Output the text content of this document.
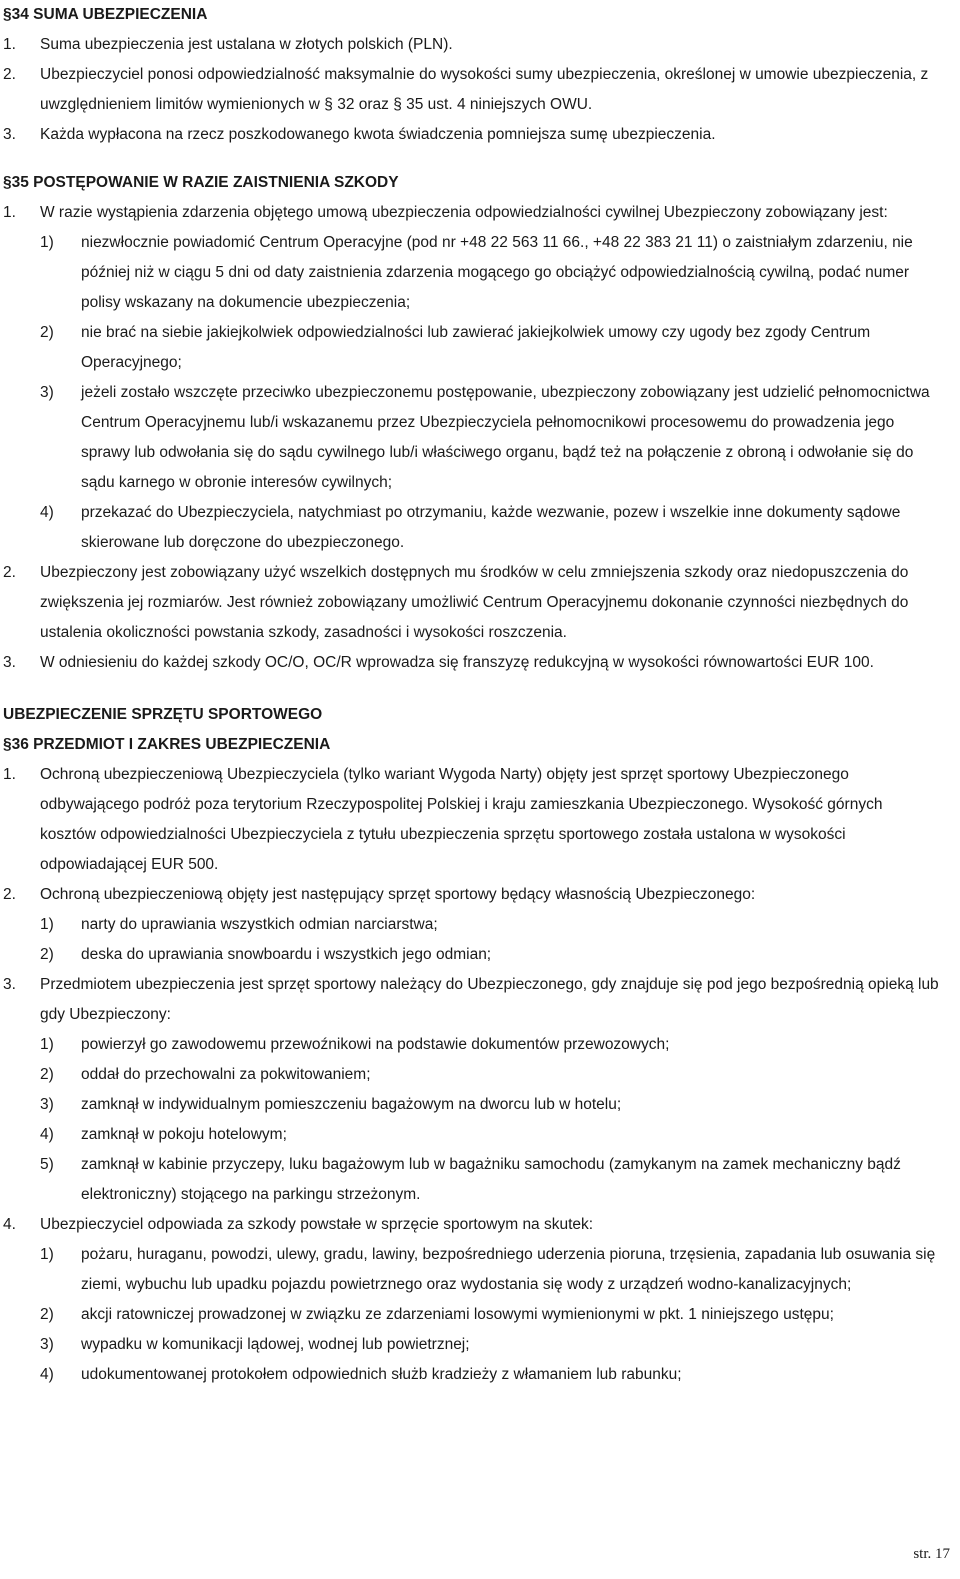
§34 SUMA UBEZPIECZENIA
1.	Suma ubezpieczenia jest ustalana w złotych polskich (PLN).
2.	Ubezpieczyciel ponosi odpowiedzialność maksymalnie do wysokości sumy ubezpieczenia, określonej w umowie ubezpieczenia, z uwzględnieniem limitów wymienionych w § 32 oraz § 35 ust. 4 niniejszych OWU.
3.	Każda wypłacona na rzecz poszkodowanego kwota świadczenia pomniejsza sumę ubezpieczenia.
§35 POSTĘPOWANIE W RAZIE ZAISTNIENIA SZKODY
1.	W razie wystąpienia zdarzenia objętego umową ubezpieczenia odpowiedzialności cywilnej Ubezpieczony zobowiązany jest:
1)	niezwłocznie powiadomić Centrum Operacyjne (pod nr +48 22 563 11 66., +48 22 383 21 11) o zaistniałym zdarzeniu, nie później niż w ciągu 5 dni od daty zaistnienia zdarzenia mogącego go obciążyć odpowiedzialnością cywilną, podać numer polisy wskazany na dokumencie ubezpieczenia;
2)	nie brać na siebie jakiejkolwiek odpowiedzialności lub zawierać jakiejkolwiek umowy czy ugody bez zgody Centrum Operacyjnego;
3)	jeżeli zostało wszczęte przeciwko ubezpieczonemu postępowanie, ubezpieczony zobowiązany jest udzielić pełnomocnictwa Centrum Operacyjnemu lub/i wskazanemu przez Ubezpieczyciela pełnomocnikowi procesowemu do prowadzenia jego sprawy lub odwołania się do sądu cywilnego lub/i właściwego organu, bądź też na połączenie z obroną i odwołanie się do sądu karnego w obronie interesów cywilnych;
4)	przekazać do Ubezpieczyciela, natychmiast po otrzymaniu, każde wezwanie, pozew i wszelkie inne dokumenty sądowe skierowane lub doręczone do ubezpieczonego.
2.	Ubezpieczony jest zobowiązany użyć wszelkich dostępnych mu środków w celu zmniejszenia szkody oraz niedopuszczenia do zwiększenia jej rozmiarów. Jest również zobowiązany umożliwić Centrum Operacyjnemu dokonanie czynności niezbędnych do ustalenia okoliczności powstania szkody, zasadności i wysokości roszczenia.
3.	W odniesieniu do każdej szkody OC/O, OC/R wprowadza się franszyzę redukcyjną w wysokości równowartości EUR 100.
UBEZPIECZENIE SPRZĘTU SPORTOWEGO
§36 PRZEDMIOT I ZAKRES UBEZPIECZENIA
1.	Ochroną ubezpieczeniową Ubezpieczyciela (tylko wariant Wygoda Narty) objęty jest sprzęt sportowy Ubezpieczonego odbywającego podróż poza terytorium Rzeczypospolitej Polskiej i kraju zamieszkania Ubezpieczonego. Wysokość górnych kosztów odpowiedzialności Ubezpieczyciela z tytułu ubezpieczenia sprzętu sportowego została ustalona w wysokości odpowiadającej EUR 500.
2.	Ochroną ubezpieczeniową objęty jest następujący sprzęt sportowy będący własnością Ubezpieczonego:
1)	narty do uprawiania wszystkich odmian narciarstwa;
2)	deska do uprawiania snowboardu i wszystkich jego odmian;
3.	Przedmiotem ubezpieczenia jest sprzęt sportowy należący do Ubezpieczonego, gdy znajduje się pod jego bezpośrednią opieką lub gdy Ubezpieczony:
1)	powierzył go zawodowemu przewoźnikowi na podstawie dokumentów przewozowych;
2)	oddał do przechowalni za pokwitowaniem;
3)	zamknął w indywidualnym pomieszczeniu bagażowym na dworcu lub w hotelu;
4)	zamknął w pokoju hotelowym;
5)	zamknął w kabinie przyczepy, luku bagażowym lub w bagażniku samochodu (zamykanym na zamek mechaniczny bądź elektroniczny) stojącego na parkingu strzeżonym.
4.	Ubezpieczyciel odpowiada za szkody powstałe w sprzęcie sportowym na skutek:
1)	pożaru, huraganu, powodzi, ulewy, gradu, lawiny, bezpośredniego uderzenia pioruna, trzęsienia, zapadania lub osuwania się ziemi, wybuchu lub upadku pojazdu powietrznego oraz wydostania się wody z urządzeń wodno-kanalizacyjnych;
2)	akcji ratowniczej prowadzonej w związku ze zdarzeniami losowymi wymienionymi w pkt. 1 niniejszego ustępu;
3)	wypadku w komunikacji lądowej, wodnej lub powietrznej;
4)	udokumentowanej protokołem odpowiednich służb kradzieży z włamaniem lub rabunku;
str. 17
